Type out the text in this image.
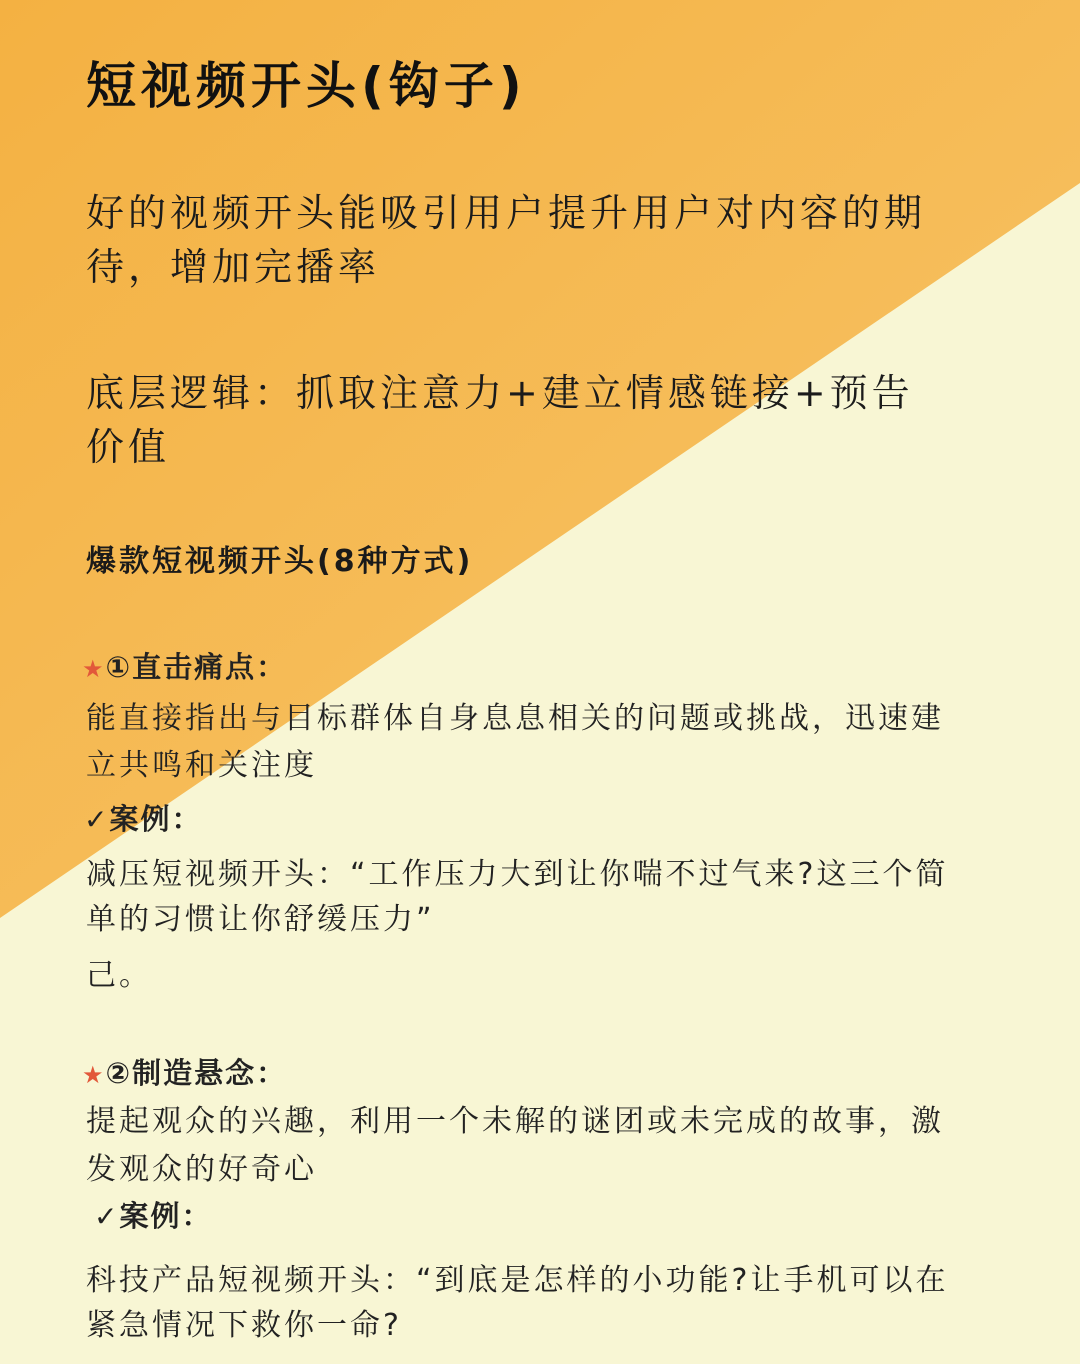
短视频开头(钩子)

好的视频开头能吸引用户提升用户对内容的期

待，增加完播率

底层逻辑：抓取注意力+建立情感链接+预告

价值

爆款短视频开头(8种方式)

★①直击痛点：

能直接指出与目标群体自身息息相关的问题或挑战，迅速建

立共鸣和关注度

✓案例：

减压短视频开头：“工作压力大到让你喘不过气来?这三个简

单的习惯让你舒缓压力”

己。

★②制造悬念：

提起观众的兴趣，利用一个未解的谜团或未完成的故事，激

发观众的好奇心

✓案例：

科技产品短视频开头：“到底是怎样的小功能?让手机可以在

紧急情况下救你一命?
